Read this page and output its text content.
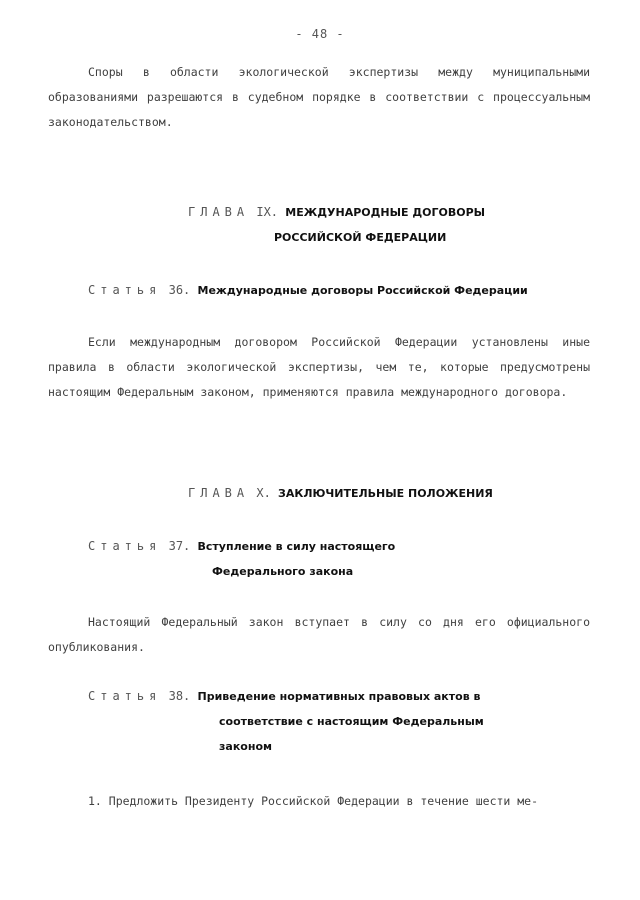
- 48 -

Споры в области экологической экспертизы между муниципальными образованиями разрешаются в судебном порядке в соответствии с процессуальным законодательством.

ГЛАВА IX. МЕЖДУНАРОДНЫЕ ДОГОВОРЫ
РОССИЙСКОЙ ФЕДЕРАЦИИ
Статья 36. Международные договоры Российской Федерации

Если международным договором Российской Федерации установлены иные правила в области экологической экспертизы, чем те, которые предусмотрены настоящим Федеральным законом, применяются правила международного договора.

ГЛАВА X. ЗАКЛЮЧИТЕЛЬНЫЕ ПОЛОЖЕНИЯ
Статья 37. Вступление в силу настоящего
Федерального закона

Настоящий Федеральный закон вступает в силу со дня его официального опубликования.

Статья 38. Приведение нормативных правовых актов в
соответствие с настоящим Федеральным
законом

1. Предложить Президенту Российской Федерации в течение шести ме-
